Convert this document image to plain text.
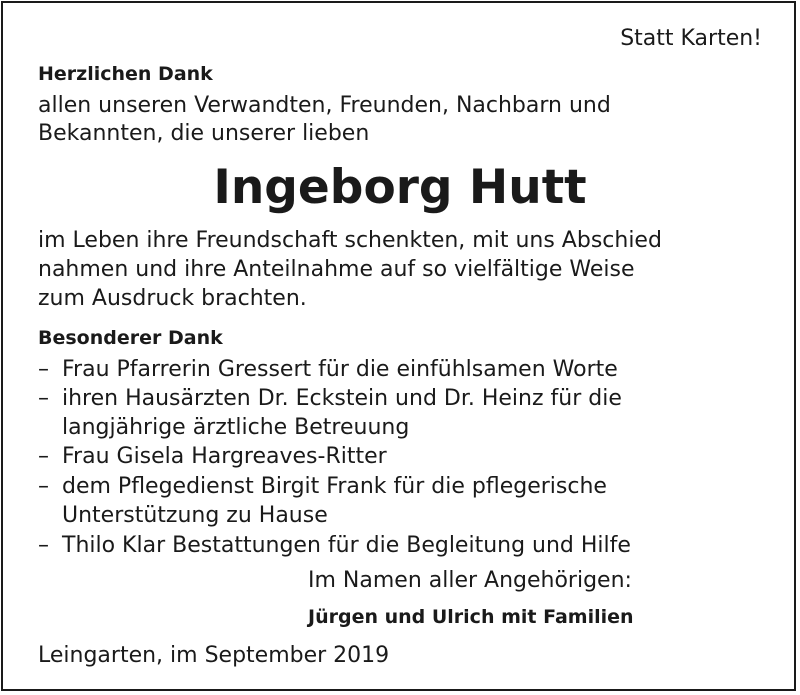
Statt Karten!
Herzlichen Dank
allen unseren Verwandten, Freunden, Nachbarn und
Bekannten, die unserer lieben
Ingeborg Hutt
im Leben ihre Freundschaft schenkten, mit uns Abschied
nahmen und ihre Anteilnahme auf so vielfältige Weise
zum Ausdruck brachten.
Besonderer Dank
– Frau Pfarrerin Gressert für die einfühlsamen Worte
– ihren Hausärzten Dr. Eckstein und Dr. Heinz für die
langjährige ärztliche Betreuung
– Frau Gisela Hargreaves-Ritter
– dem Pflegedienst Birgit Frank für die pflegerische
Unterstützung zu Hause
– Thilo Klar Bestattungen für die Begleitung und Hilfe
Im Namen aller Angehörigen:
Jürgen und Ulrich mit Familien
Leingarten, im September 2019
